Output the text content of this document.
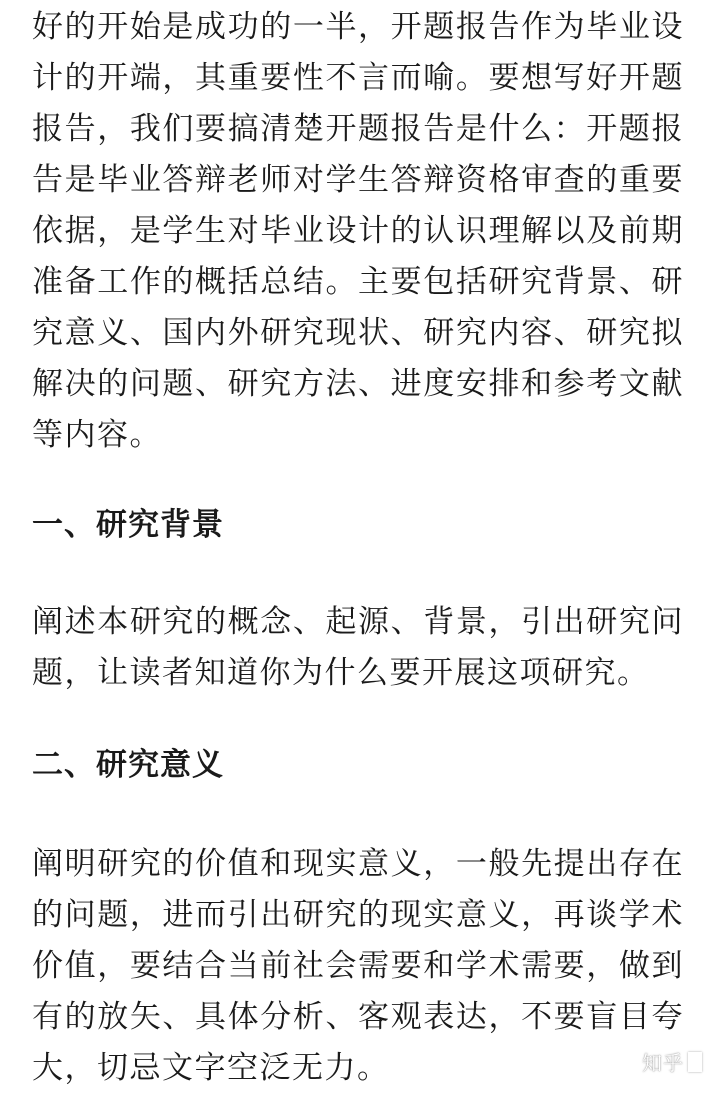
好的开始是成功的一半，开题报告作为毕业设计的开端，其重要性不言而喻。要想写好开题报告，我们要搞清楚开题报告是什么：开题报告是毕业答辩老师对学生答辩资格审查的重要依据，是学生对毕业设计的认识理解以及前期准备工作的概括总结。主要包括研究背景、研究意义、国内外研究现状、研究内容、研究拟解决的问题、研究方法、进度安排和参考文献等内容。

一、研究背景

阐述本研究的概念、起源、背景，引出研究问题，让读者知道你为什么要开展这项研究。

二、研究意义

阐明研究的价值和现实意义，一般先提出存在的问题，进而引出研究的现实意义，再谈学术价值，要结合当前社会需要和学术需要，做到有的放矢、具体分析、客观表达，不要盲目夸大，切忌文字空泛无力。	知乎
